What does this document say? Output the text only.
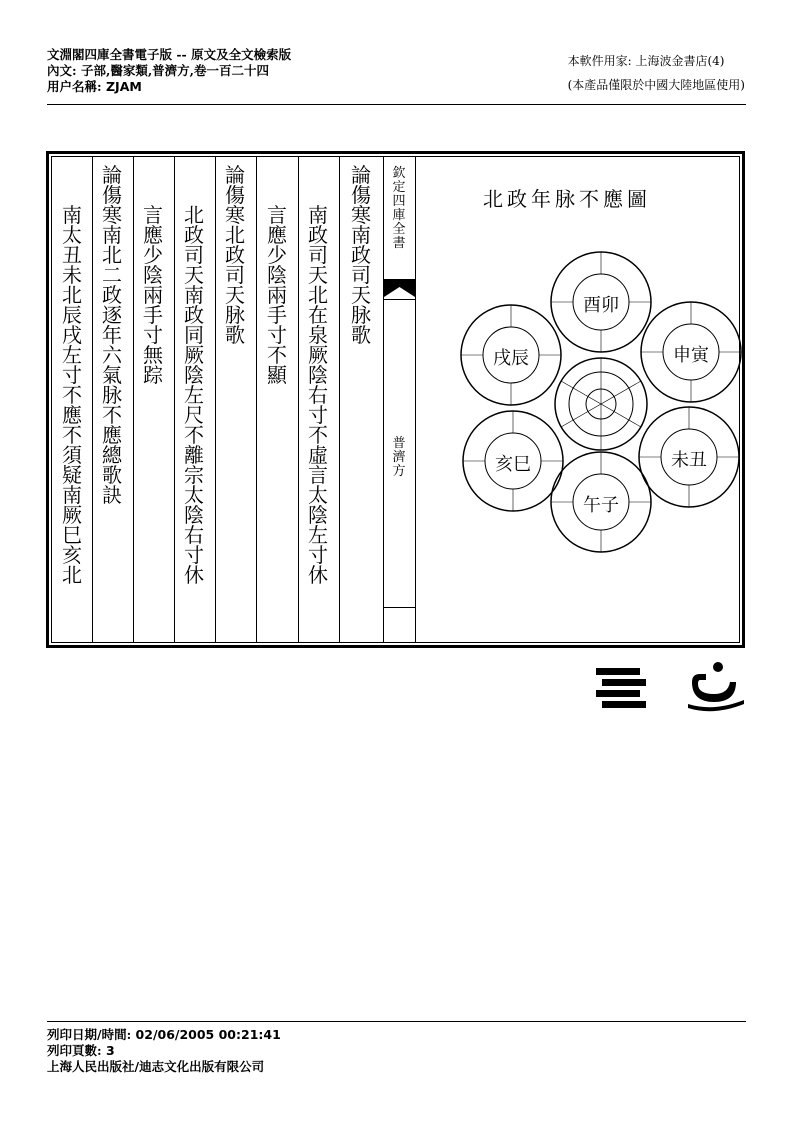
文淵閣四庫全書電子版 -- 原文及全文檢索版
內文: 子部,醫家類,普濟方,卷一百二十四
用户名稱: ZJAM
本軟件用家: 上海波金書店(4)
(本產品僅限於中國大陸地區使用)
南太丑未北辰戌左寸不應不須疑南厥巳亥北
論傷寒南北二政逐年六氣脉不應總歌訣
言應少陰兩手寸無踪
北政司天南政同厥陰左尺不離宗太陰右寸休
論傷寒北政司天脉歌
言應少陰兩手寸不顯
南政司天北在泉厥陰右寸不虛言太陰左寸休
論傷寒南政司天脉歌
欽定四庫全書
普濟方
北政年脉不應圖
酉卯
申寅
戌辰
未丑
亥巳
午子
列印日期/時間: 02/06/2005 00:21:41
列印頁數: 3
上海人民出版社/迪志文化出版有限公司
